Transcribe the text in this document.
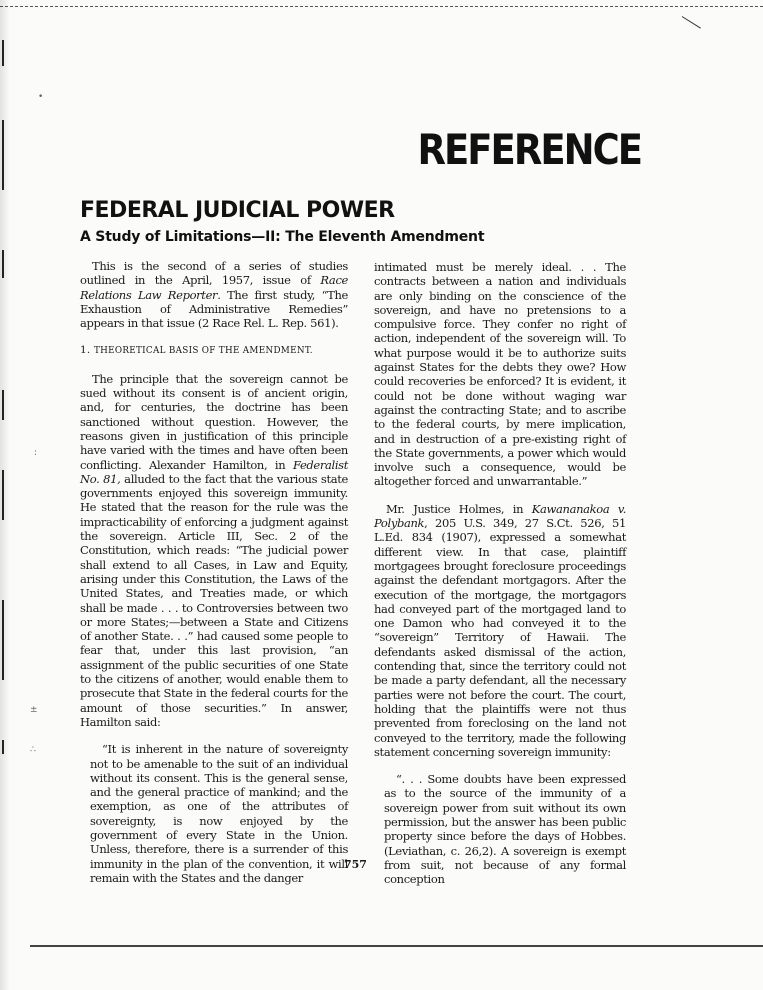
•
:
±
∴
REFERENCE
FEDERAL JUDICIAL POWER
A Study of Limitations—II: The Eleventh Amendment

This is the second of a series of studies outlined in the April, 1957, issue of Race Relations Law Reporter. The first study, “The Exhaustion of Administrative Remedies” appears in that issue (2 Race Rel. L. Rep. 561).

1. THEORETICAL BASIS OF THE AMENDMENT.

The principle that the sovereign cannot be sued without its consent is of ancient origin, and, for centuries, the doctrine has been sanctioned without question. However, the reasons given in justification of this principle have varied with the times and have often been conflicting. Alexander Hamilton, in Federalist No. 81, alluded to the fact that the various state governments enjoyed this sovereign immunity. He stated that the reason for the rule was the impracticability of enforcing a judgment against the sovereign. Article III, Sec. 2 of the Constitution, which reads: “The judicial power shall extend to all Cases, in Law and Equity, arising under this Constitution, the Laws of the United States, and Treaties made, or which shall be made . . . to Controversies between two or more States;—between a State and Citizens of another State. . .” had caused some people to fear that, under this last provision, “an assignment of the public securities of one State to the citizens of another, would enable them to prosecute that State in the federal courts for the amount of those securities.” In answer, Hamilton said:

“It is inherent in the nature of sovereignty not to be amenable to the suit of an individual without its consent. This is the general sense, and the general practice of mankind; and the exemption, as one of the attributes of sovereignty, is now enjoyed by the government of every State in the Union. Unless, therefore, there is a surrender of this immunity in the plan of the convention, it will remain with the States and the danger

intimated must be merely ideal. . . The contracts between a nation and individuals are only binding on the conscience of the sovereign, and have no pretensions to a compulsive force. They confer no right of action, independent of the sovereign will. To what purpose would it be to authorize suits against States for the debts they owe? How could recoveries be enforced? It is evident, it could not be done without waging war against the contracting State; and to ascribe to the federal courts, by mere implication, and in destruction of a pre-existing right of the State governments, a power which would involve such a consequence, would be altogether forced and unwarrantable.”

Mr. Justice Holmes, in Kawananakoa v. Polybank, 205 U.S. 349, 27 S.Ct. 526, 51 L.Ed. 834 (1907), expressed a somewhat different view. In that case, plaintiff mortgagees brought foreclosure proceedings against the defendant mortgagors. After the execution of the mortgage, the mortgagors had conveyed part of the mortgaged land to one Damon who had conveyed it to the “sovereign” Territory of Hawaii. The defendants asked dismissal of the action, contending that, since the territory could not be made a party defendant, all the necessary parties were not before the court. The court, holding that the plaintiffs were not thus prevented from foreclosing on the land not conveyed to the territory, made the following statement concerning sovereign immunity:

“. . . Some doubts have been expressed as to the source of the immunity of a sovereign power from suit without its own permission, but the answer has been public property since before the days of Hobbes. (Leviathan, c. 26,2). A sovereign is exempt from suit, not because of any formal conception

757
